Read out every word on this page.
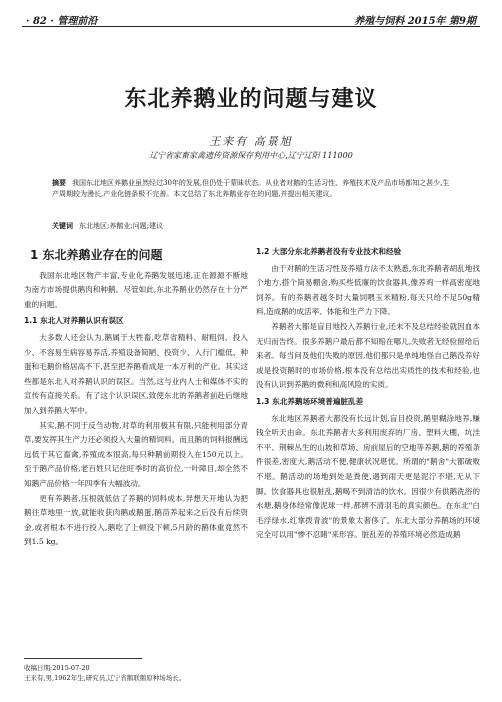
· 82 · 管理前沿	养殖与饲料 2015年 第9期
东北养鹅业的问题与建议
王来有 高景旭
辽宁省家畜家禽遗传资源保存利用中心,辽宁辽阳 111000
摘要 我国东北地区养鹅业虽然经过30年的发展,但仍处于蒙昧状态。从业者对鹅的生活习性、养殖技术及产品市场都知之甚少,生产周期较为漫长,产业化链条极不完善。本文总结了东北养鹅业存在的问题,并提出相关建议。
关键词 东北地区;养鹅业;问题;建议
1 东北养鹅业存在的问题

我国东北地区物产丰富,专业化养鹅发展迅速,正在源源不断地为南方市场提供鹅肉和种鹅。尽管如此,东北养鹅业仍然存在十分严重的问题。

1.1 东北人对养鹅认识有误区

大多数人还会认为,鹅属于大牲畜,吃草省精料、耐粗饲、投入少、不容易生病容易养活,养殖设备简陋、投资少、入行门槛低、种蛋和毛鹅价格居高不下,甚至把养鹅看成是一本万利的产业。其实这些都是东北人对养鹅认识的误区。当然,这与业内人士和媒体不实的宣传有直接关系。有了这个认识误区,致使东北的养鹅者前赴后继地加入到养鹅大军中。

其实,鹅不同于反刍动物,对草的利用极其有限,只能利用部分青草,要发挥其生产力还必须投入大量的精饲料。而且鹅的饲料报酬远远低于其它畜禽,养殖成本很高,每只种鹅前期投入在150元以上。至于鹅产品价格,老百姓只记住旺季时的高价位,一叶障目,却全然不知鹅产品价格一年四季有大幅波动。

更有养鹅者,压根就低估了养鹅的饲料成本,异想天开地认为把鹅往草地里一放,就能收获肉鹅或鹅蛋,鹅苗养起来之后没有后续资金,或者根本不进行投入,鹅吃了上顿没下顿,5月龄的鹅体重竟然不到1.5 kg。

1.2 大部分东北养鹅者没有专业技术和经验

由于对鹅的生活习性及养殖方法不太熟悉,东北养鹅者胡乱地找个地方,搭个简易棚舍,购买些低廉的饮食器具,像养鸡一样高密度地饲养。有的养鹅者越冬时大量饲喂玉米精粉,每天只给不足50g精料,造成鹅的成活率、体能和生产力下降。

养鹅者大都是盲目地投入养鹅行业,还未不及总结经验就因血本无归而告终。很多养鹅户最后都不知赔在哪儿,失败者无经验留给后来者。每当问及他们失败的原因,他们都只是单纯地怪自己鹅没养好或是投资鹅时的市场价格,根本没有总结出实质性的技术和经验,也没有认识到养鹅的微利和高风险的实质。

1.3 东北养鹅场环境普遍脏乱差

东北地区养鹅者大都没有长远计划,盲目投资,鹅里糊涂地养,赚钱全听天由命。东北养鹅者大多利用废弃的厂房、塑料大棚、坑洼不平、荆棘丛生的山坡和草场、房前屋后的空地等养鹅,鹅的养殖条件很差,密度大,鹅活动不便,健康状况堪忧。所谓的"鹅舍"大都破败不堪。鹅活动的场地到处是粪便,遇到雨天更是泥泞不堪,无从下脚。饮食器具也很脏乱,鹅喝不到清洁的饮水。因很少有供鹅洗浴的水塘,鹅身体经常像泥球一样,都辨不清羽毛的真实颜色。在东北"白毛浮绿水,红掌拨青波"的景象太奢侈了。东北大部分养鹅场的环境完全可以用"惨不忍睹"来形容。脏乱差的养殖环境必然造成鹅

收稿日期:2015-07-20
王来有,男,1962年生,研究员,辽宁省鹅联鹅原种场场长。
